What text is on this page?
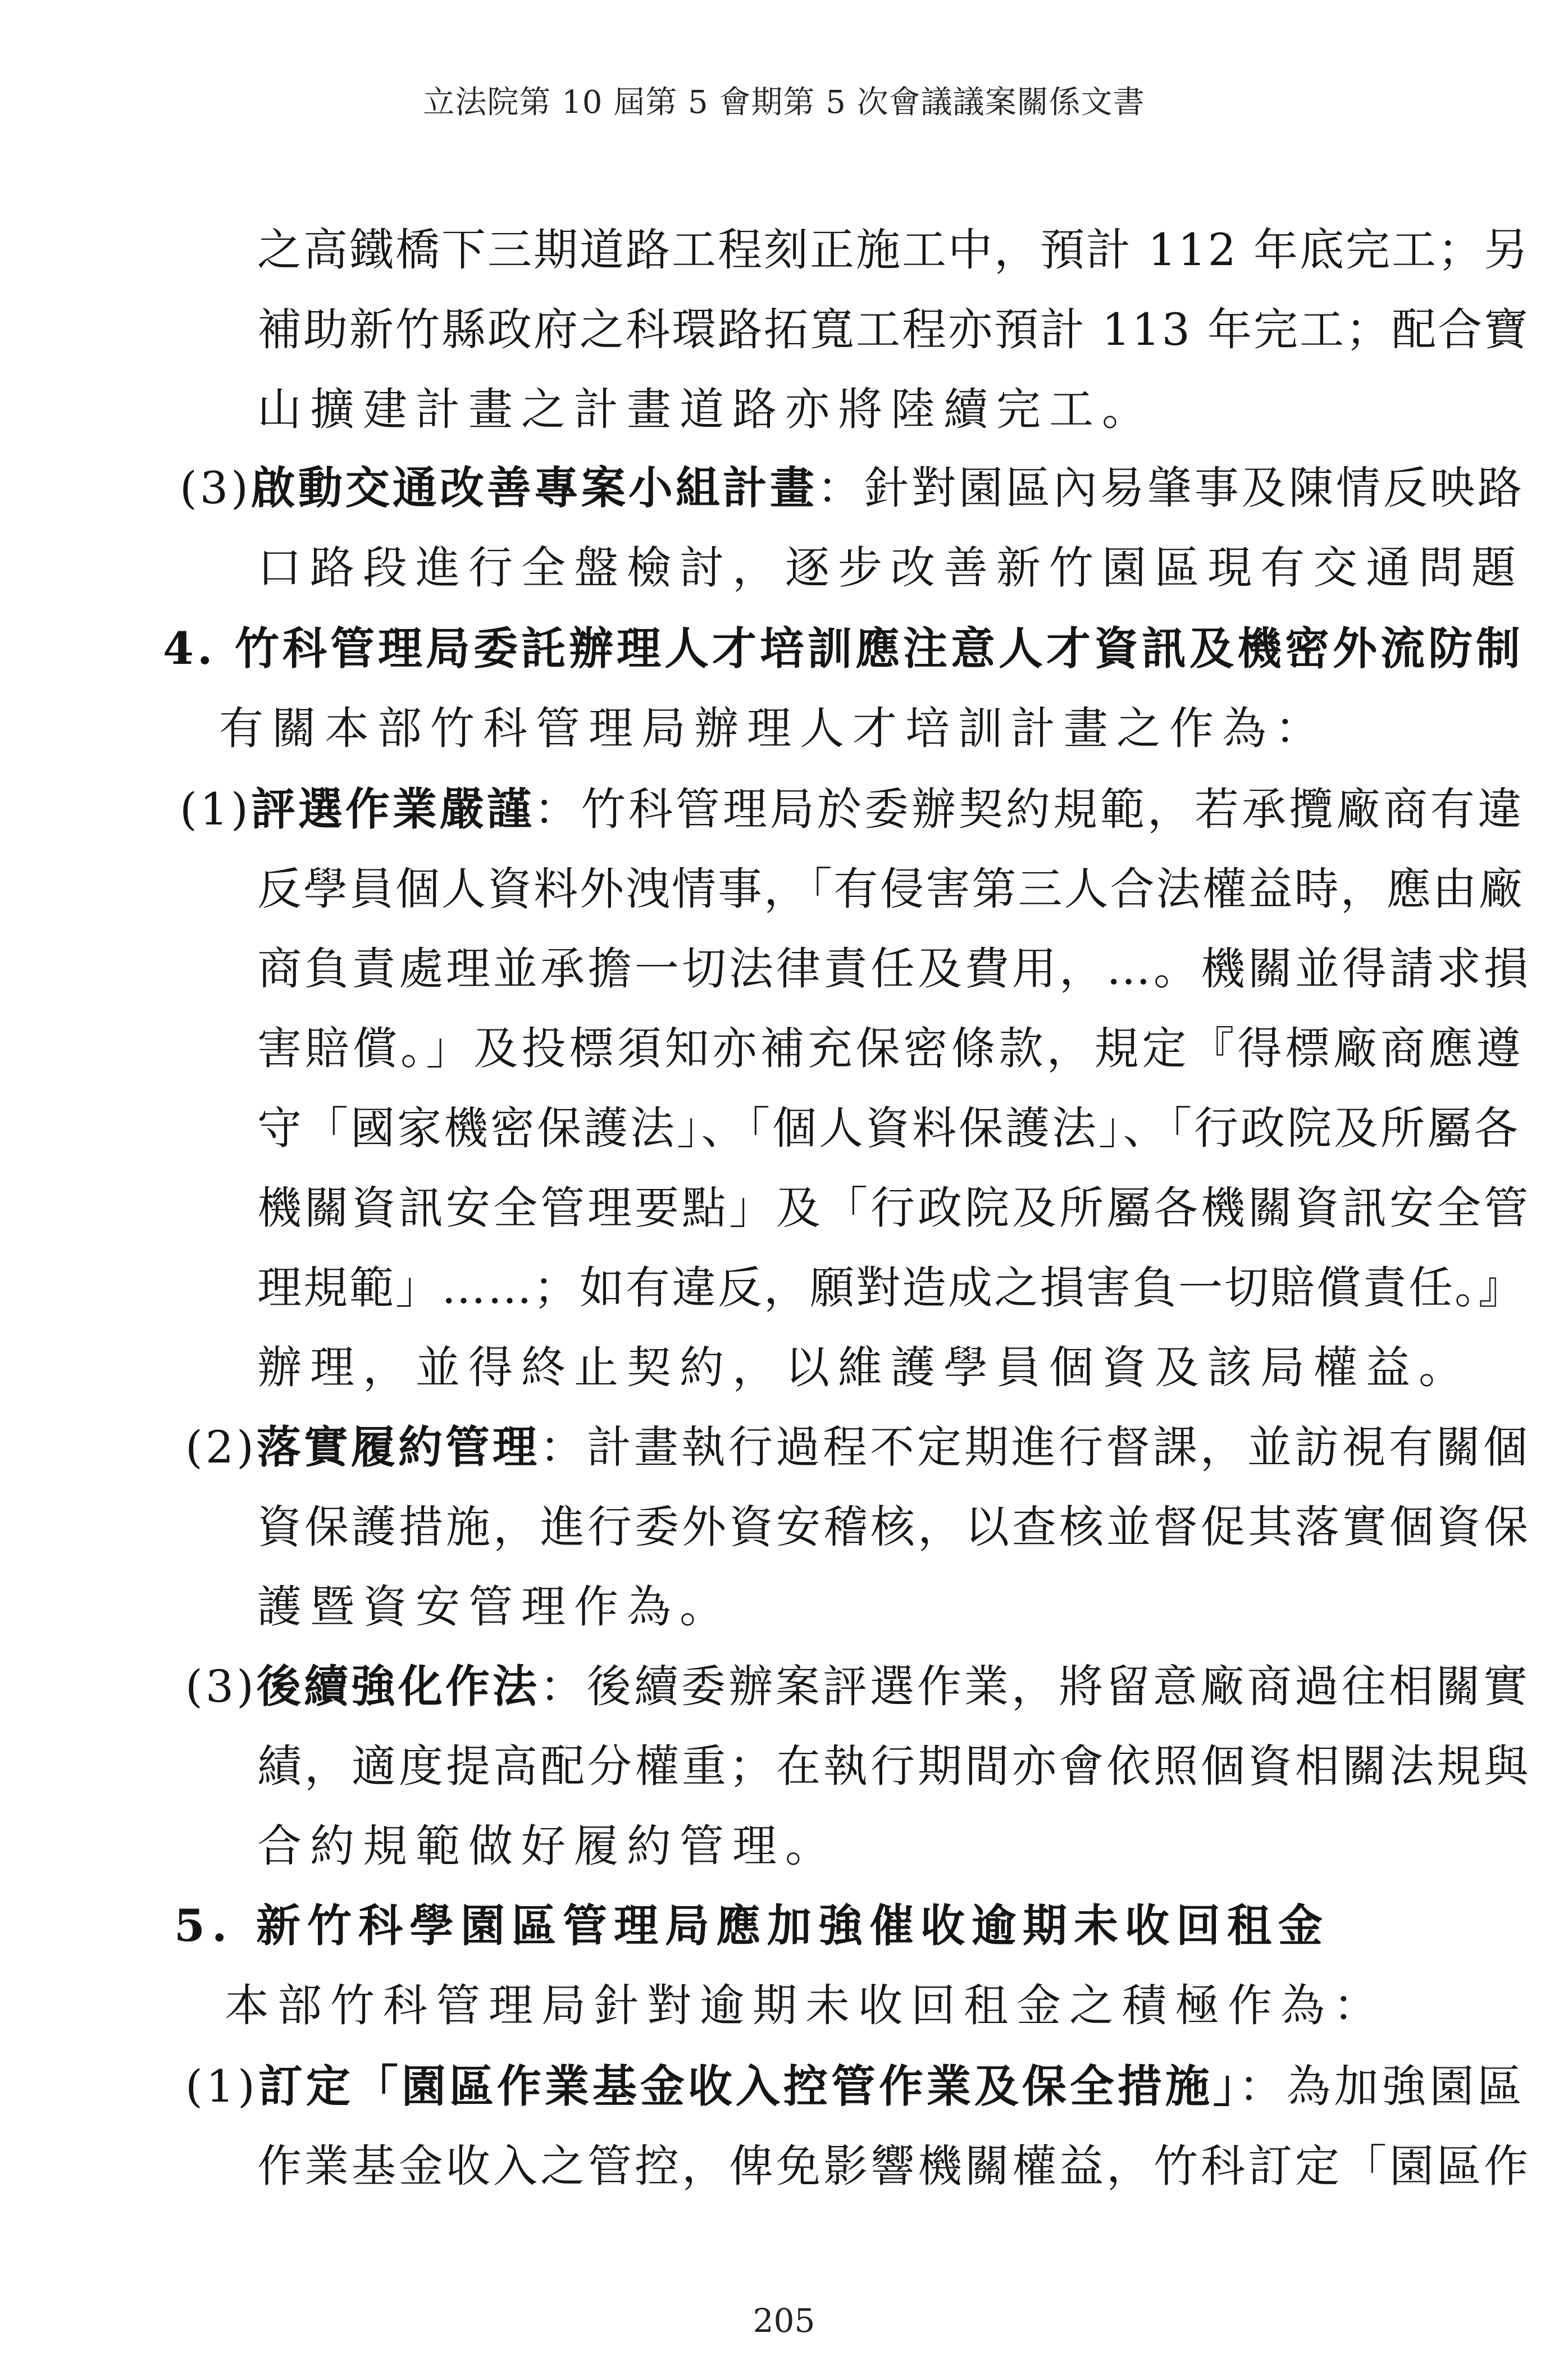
立法院第 10 屆第 5 會期第 5 次會議議案關係文書
之高鐵橋下三期道路工程刻正施工中，預計 112 年底完工；另
補助新竹縣政府之科環路拓寬工程亦預計 113 年完工；配合寶
山擴建計畫之計畫道路亦將陸續完工。
(3)啟動交通改善專案小組計畫：針對園區內易肇事及陳情反映路
口路段進行全盤檢討，逐步改善新竹園區現有交通問題
4. 竹科管理局委託辦理人才培訓應注意人才資訊及機密外流防制
有關本部竹科管理局辦理人才培訓計畫之作為：
(1)評選作業嚴謹：竹科管理局於委辦契約規範，若承攬廠商有違
反學員個人資料外洩情事，「有侵害第三人合法權益時，應由廠
商負責處理並承擔一切法律責任及費用，…。機關並得請求損
害賠償。」及投標須知亦補充保密條款，規定『得標廠商應遵
守「國家機密保護法」、「個人資料保護法」、「行政院及所屬各
機關資訊安全管理要點」及「行政院及所屬各機關資訊安全管
理規範」……；如有違反，願對造成之損害負一切賠償責任。』
辦理，並得終止契約，以維護學員個資及該局權益。
(2)落實履約管理：計畫執行過程不定期進行督課，並訪視有關個
資保護措施，進行委外資安稽核，以查核並督促其落實個資保
護暨資安管理作為。
(3)後續強化作法：後續委辦案評選作業，將留意廠商過往相關實
績，適度提高配分權重；在執行期間亦會依照個資相關法規與
合約規範做好履約管理。
5. 新竹科學園區管理局應加強催收逾期未收回租金
本部竹科管理局針對逾期未收回租金之積極作為：
(1)訂定「園區作業基金收入控管作業及保全措施」：為加強園區
作業基金收入之管控，俾免影響機關權益，竹科訂定「園區作
205
